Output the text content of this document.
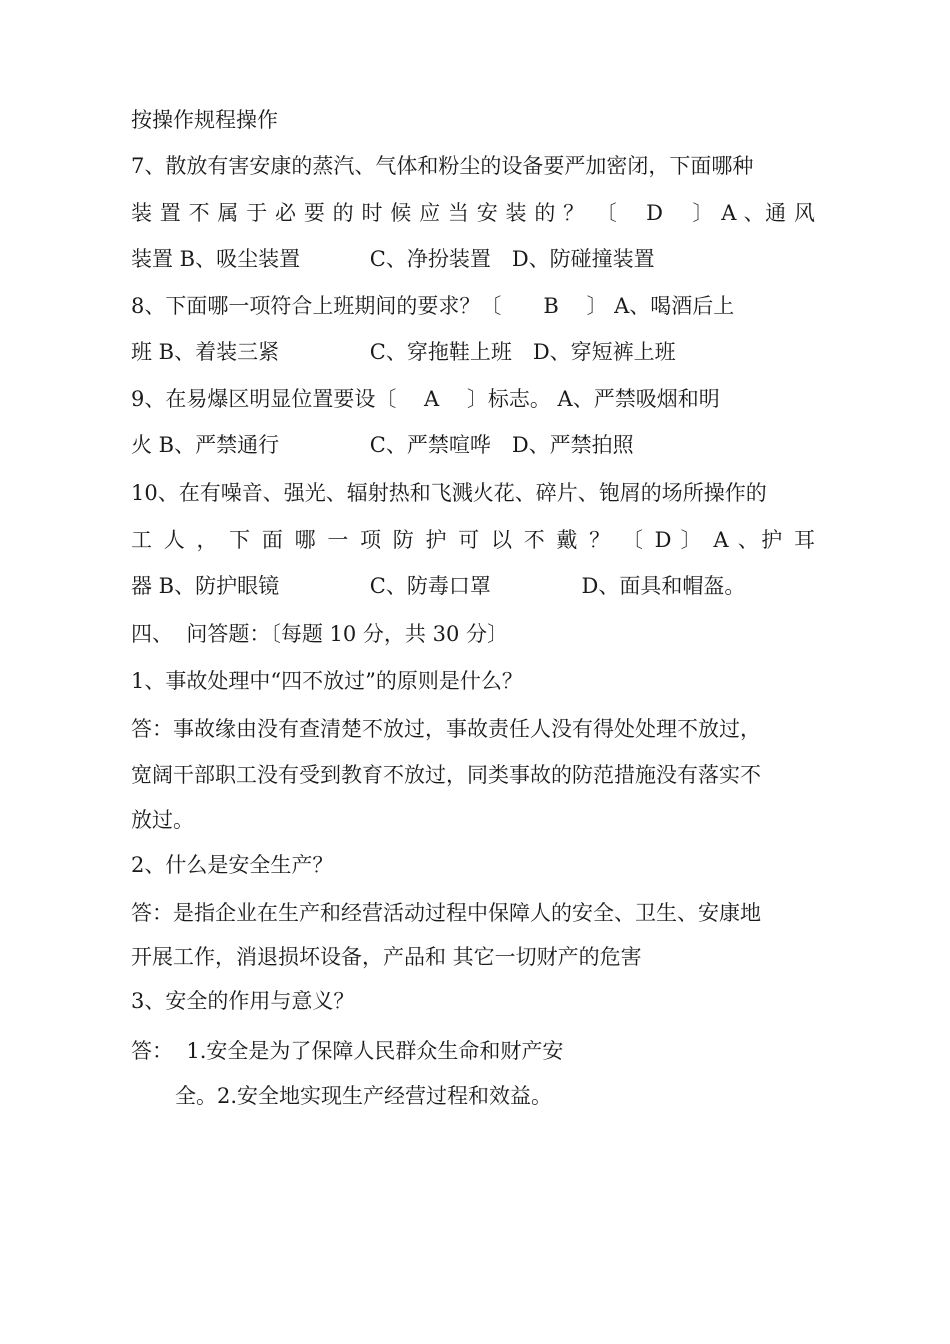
按操作规程操作
7、散放有害安康的蒸汽、气体和粉尘的设备要严加密闭，下面哪种
装 置 不 属 于 必 要 的 时 候 应 当 安 装 的 ？　〔　 D　 〕 A 、通 风
装置 B、吸尘装置　　　 C、净扮装置　D、防碰撞装置
8、下面哪一项符合上班期间的要求？〔　　B　 〕 A、喝酒后上
班 B、着装三紧　　　　 C、穿拖鞋上班　D、穿短裤上班
9、在易爆区明显位置要设〔　 A　 〕标志。 A、严禁吸烟和明
火 B、严禁通行　　　　 C、严禁喧哗　D、严禁拍照
10、在有噪音、强光、辐射热和飞溅火花、碎片、铇屑的场所操作的
工 人 ， 下 面 哪 一 项 防 护 可 以 不 戴 ？ 〔 D 〕 A 、护 耳
器 B、防护眼镜　　　　 C、防毒口罩　　　　 D、面具和帽盔。
四、  问答题：〔每题 10 分，共 30 分〕
1、事故处理中“四不放过”的原则是什么？
答：事故缘由没有查清楚不放过，事故责任人没有得处处理不放过，
宽阔干部职工没有受到教育不放过，同类事故的防范措施没有落实不
放过。
2、什么是安全生产？
答：是指企业在生产和经营活动过程中保障人的安全、卫生、安康地
开展工作，消退损坏设备，产品和 其它一切财产的危害
3、安全的作用与意义？
答：  1.安全是为了保障人民群众生命和财产安
全。2.安全地实现生产经营过程和效益。
